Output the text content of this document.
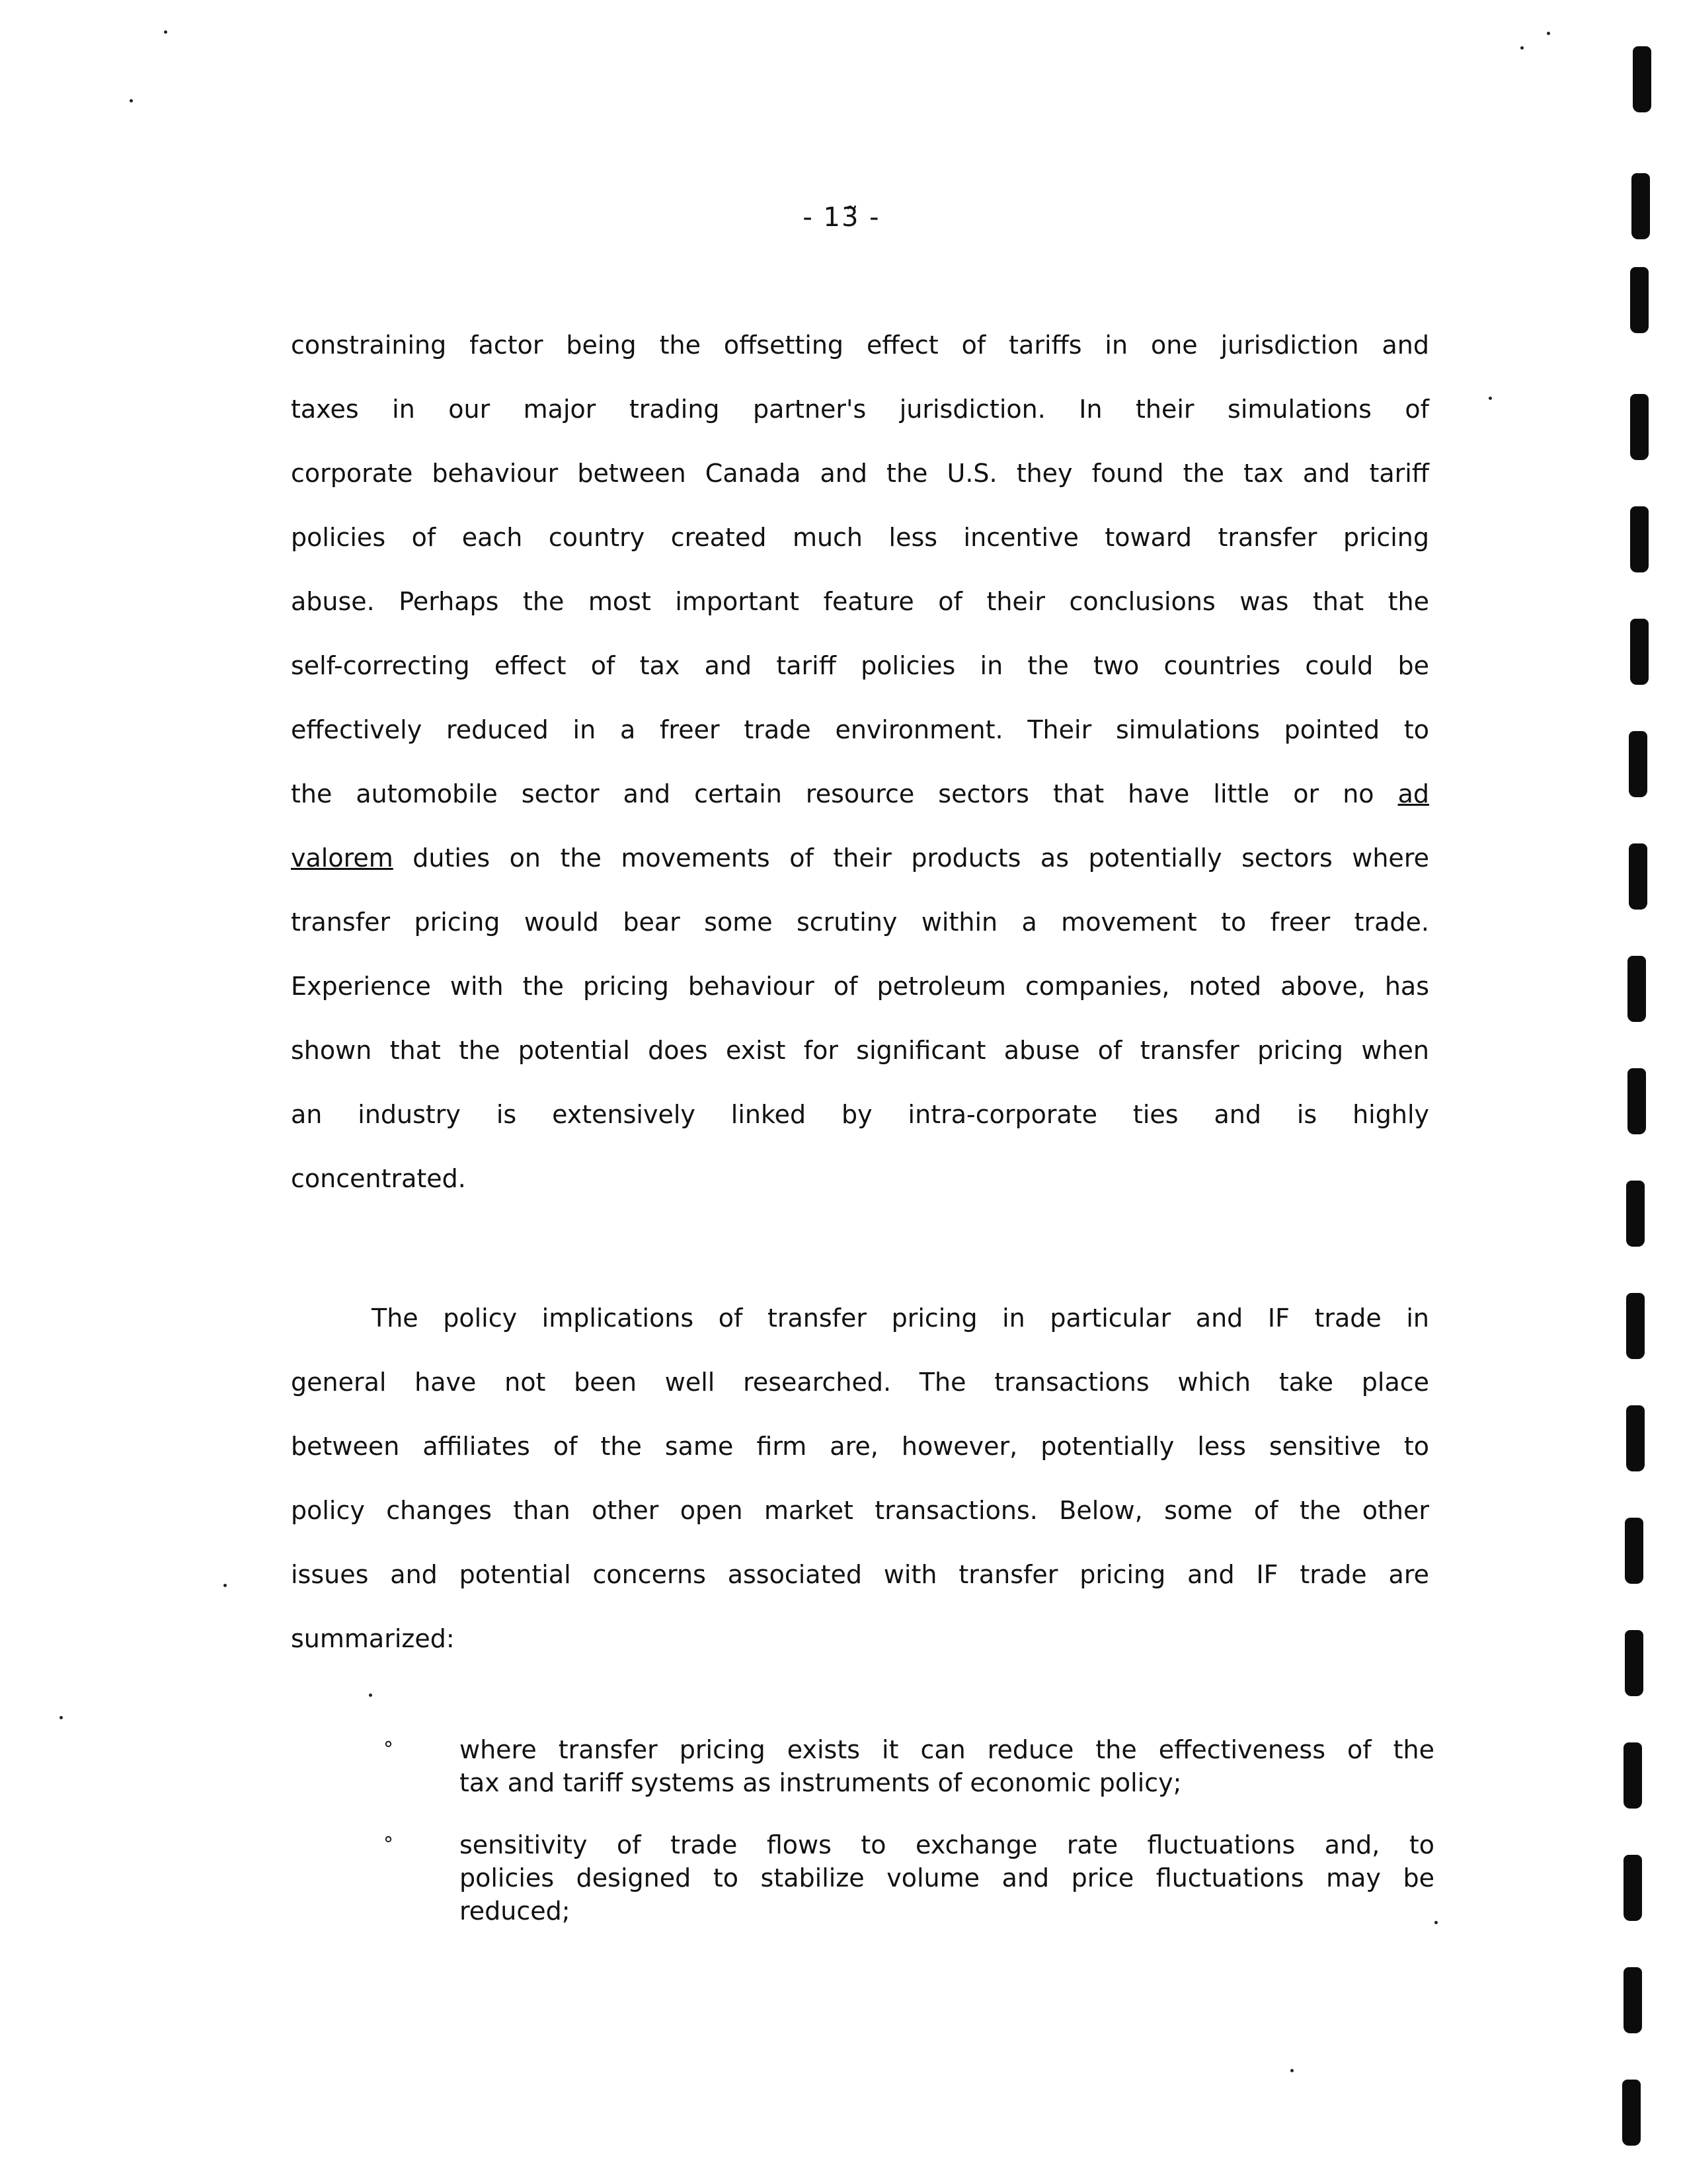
- 13̃ -
constraining factor being the offsetting effect of tariffs in one jurisdiction and
taxes in our major trading partner's jurisdiction. In their simulations of
corporate behaviour between Canada and the U.S. they found the tax and tariff
policies of each country created much less incentive toward transfer pricing
abuse. Perhaps the most important feature of their conclusions was that the
self-correcting effect of tax and tariff policies in the two countries could be
effectively reduced in a freer trade environment. Their simulations pointed to
the automobile sector and certain resource sectors that have little or no ad
valorem duties on the movements of their products as potentially sectors where
transfer pricing would bear some scrutiny within a movement to freer trade.
Experience with the pricing behaviour of petroleum companies, noted above, has
shown that the potential does exist for significant abuse of transfer pricing when
an industry is extensively linked by intra-corporate ties and is highly
concentrated.
The policy implications of transfer pricing in particular and IF trade in
general have not been well researched. The transactions which take place
between affiliates of the same firm are, however, potentially less sensitive to
policy changes than other open market transactions. Below, some of the other
issues and potential concerns associated with transfer pricing and IF trade are
summarized:
°	where transfer pricing exists it can reduce the effectiveness of the
tax and tariff systems as instruments of economic policy;
°	sensitivity of trade flows to exchange rate fluctuations and, to
policies designed to stabilize volume and price fluctuations may be
reduced;
